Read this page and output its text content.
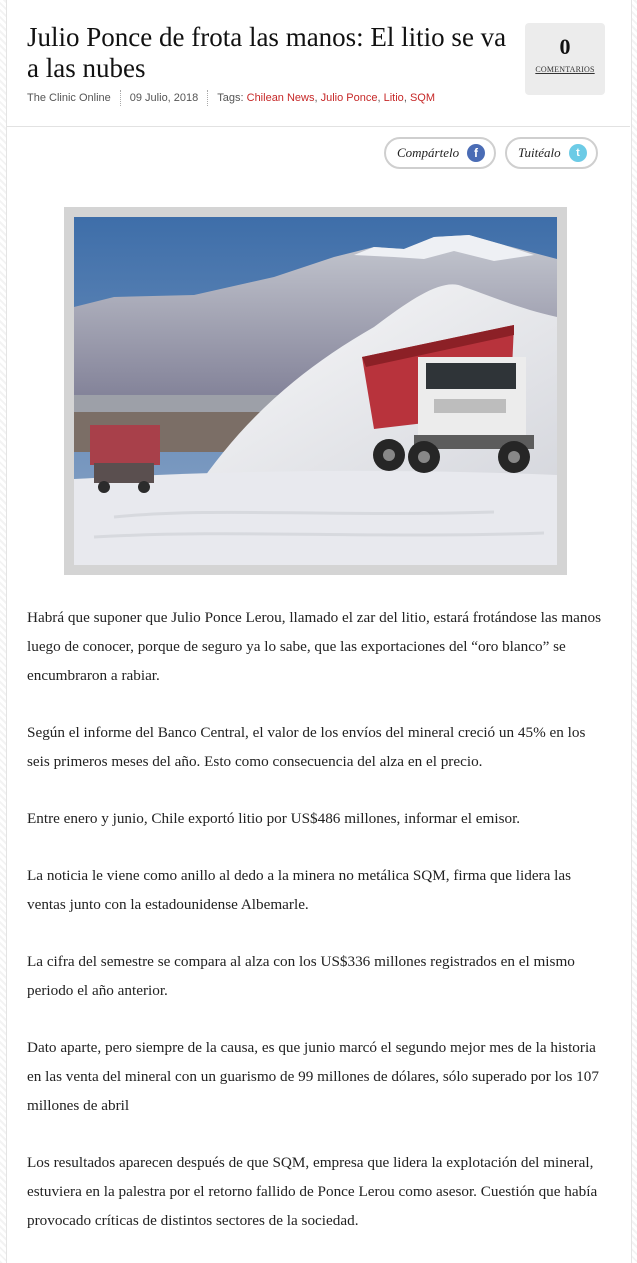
Julio Ponce de frota las manos: El litio se va a las nubes
The Clinic Online 09 Julio, 2018 Tags:
Chilean News, Julio Ponce, Litio, SQM
0
COMENTARIOS
Compártelo	f	Tuitéalo	t

Habrá que suponer que Julio Ponce Lerou, llamado el zar del litio, estará frotándose las manos luego de conocer, porque de seguro ya lo sabe, que las exportaciones del “oro blanco” se encumbraron a rabiar.

Según el informe del Banco Central, el valor de los envíos del mineral creció un 45% en los seis primeros meses del año. Esto como consecuencia del alza en el precio.

Entre enero y junio, Chile exportó litio por US$486 millones, informar el emisor.

La noticia le viene como anillo al dedo a la minera no metálica SQM, firma que lidera las ventas junto con la estadounidense Albemarle.

La cifra del semestre se compara al alza con los US$336 millones registrados en el mismo periodo el año anterior.

Dato aparte, pero siempre de la causa, es que junio marcó el segundo mejor mes de la historia en las venta del mineral con un guarismo de 99 millones de dólares, sólo superado por los 107 millones de abril

Los resultados aparecen después de que SQM, empresa que lidera la explotación del mineral, estuviera en la palestra por el retorno fallido de Ponce Lerou como asesor. Cuestión que había provocado críticas de distintos sectores de la sociedad.
